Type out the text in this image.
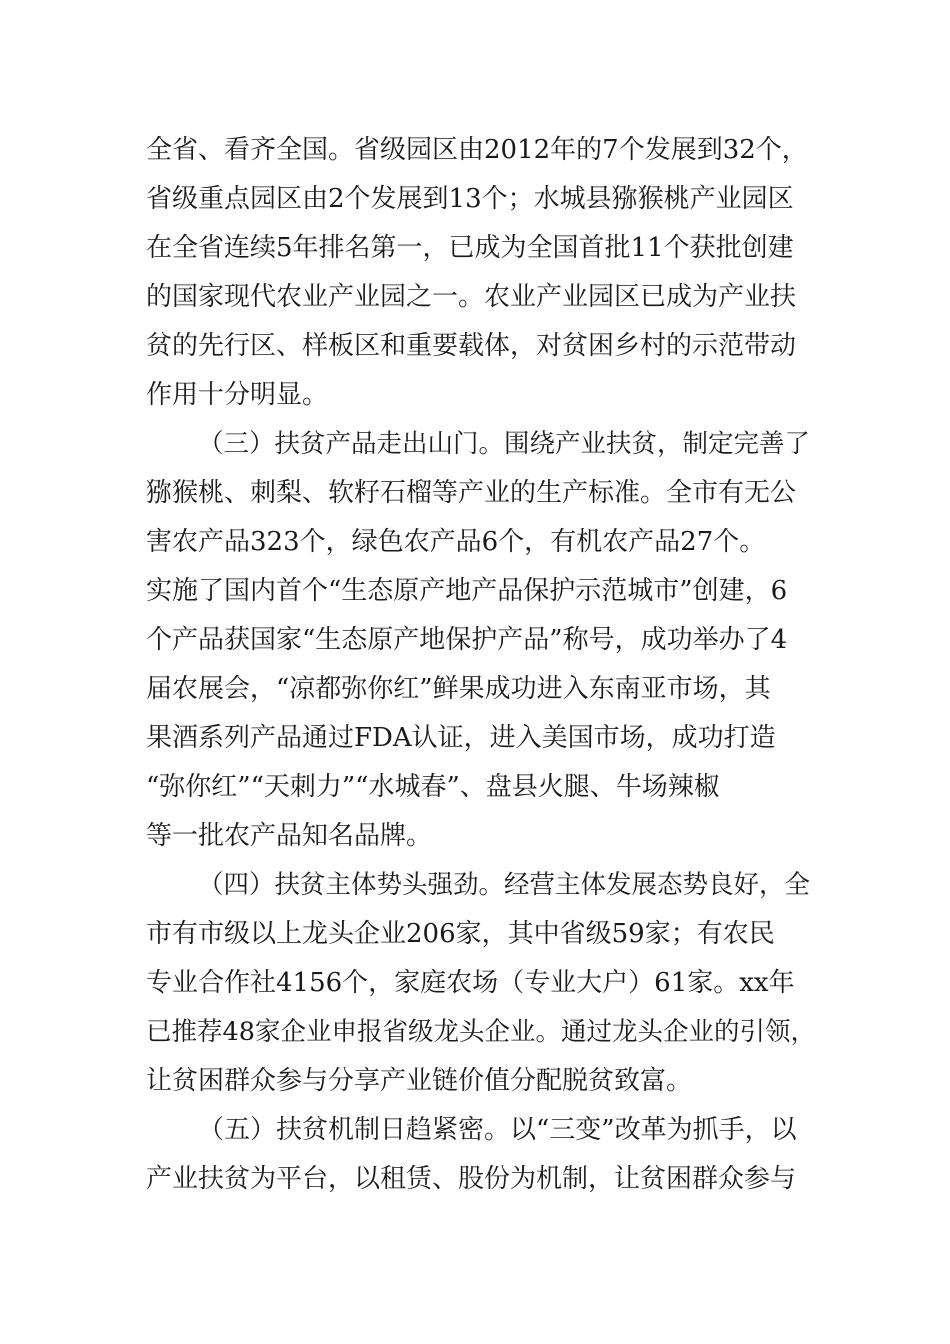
全省、看齐全国。省级园区由2012年的7个发展到32个，
省级重点园区由2个发展到13个；水城县猕猴桃产业园区
在全省连续5年排名第一，已成为全国首批11个获批创建
的国家现代农业产业园之一。农业产业园区已成为产业扶
贫的先行区、样板区和重要载体，对贫困乡村的示范带动
作用十分明显。
（三）扶贫产品走出山门。围绕产业扶贫，制定完善了
猕猴桃、刺梨、软籽石榴等产业的生产标准。全市有无公
害农产品323个，绿色农产品6个，有机农产品27个。
实施了国内首个“生态原产地产品保护示范城市”创建，6
个产品获国家“生态原产地保护产品”称号，成功举办了4
届农展会，“凉都弥你红”鲜果成功进入东南亚市场，其
果酒系列产品通过FDA认证，进入美国市场，成功打造
“弥你红”“天刺力”“水城春”、盘县火腿、牛场辣椒
等一批农产品知名品牌。
（四）扶贫主体势头强劲。经营主体发展态势良好，全
市有市级以上龙头企业206家，其中省级59家；有农民
专业合作社4156个，家庭农场（专业大户）61家。xx年
已推荐48家企业申报省级龙头企业。通过龙头企业的引领，
让贫困群众参与分享产业链价值分配脱贫致富。
（五）扶贫机制日趋紧密。以“三变”改革为抓手，以
产业扶贫为平台，以租赁、股份为机制，让贫困群众参与
